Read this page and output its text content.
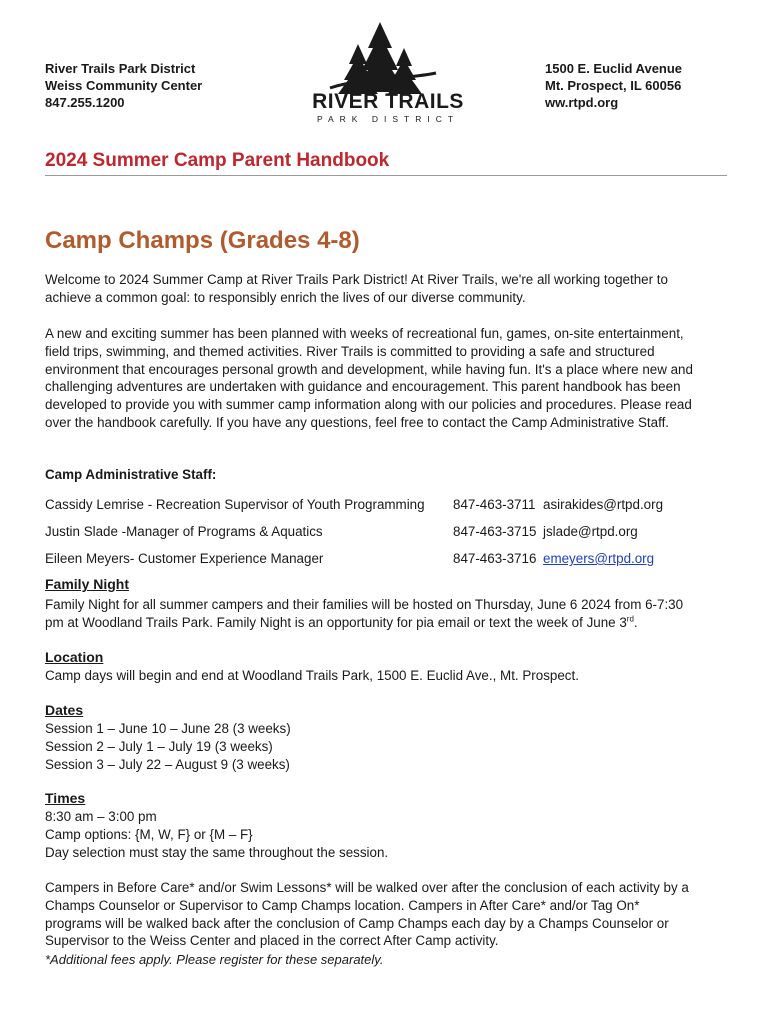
River Trails Park District
Weiss Community Center
847.255.1200	RIVER TRAILS
PARK DISTRICT
1500 E. Euclid Avenue
Mt. Prospect, IL 60056
ww.rtpd.org
2024 Summer Camp Parent Handbook
Camp Champs (Grades 4-8)
Welcome to 2024 Summer Camp at River Trails Park District! At River Trails, we're all working together to
achieve a common goal: to responsibly enrich the lives of our diverse community.
A new and exciting summer has been planned with weeks of recreational fun, games, on-site entertainment,
field trips, swimming, and themed activities. River Trails is committed to providing a safe and structured
environment that encourages personal growth and development, while having fun. It's a place where new and
challenging adventures are undertaken with guidance and encouragement. This parent handbook has been
developed to provide you with summer camp information along with our policies and procedures. Please read
over the handbook carefully. If you have any questions, feel free to contact the Camp Administrative Staff.
Camp Administrative Staff:
Cassidy Lemrise - Recreation Supervisor of Youth Programming 847-463-3711 asirakides@rtpd.org
Justin Slade -Manager of Programs & Aquatics	847-463-3715 jslade@rtpd.org
Eileen Meyers- Customer Experience Manager	847-463-3716 emeyers@rtpd.org
Family Night
Family Night for all summer campers and their families will be hosted on Thursday, June 6 2024 from 6-7:30
pm at Woodland Trails Park. Family Night is an opportunity for pia email or text the week of June 3rd.
Location
Camp days will begin and end at Woodland Trails Park, 1500 E. Euclid Ave., Mt. Prospect.
Dates
Session 1 – June 10 – June 28 (3 weeks)
Session 2 – July 1 – July 19 (3 weeks)
Session 3 – July 22 – August 9 (3 weeks)
Times
8:30 am – 3:00 pm
Camp options: {M, W, F} or {M – F}
Day selection must stay the same throughout the session.
Campers in Before Care* and/or Swim Lessons* will be walked over after the conclusion of each activity by a
Champs Counselor or Supervisor to Camp Champs location. Campers in After Care* and/or Tag On*
programs will be walked back after the conclusion of Camp Champs each day by a Champs Counselor or
Supervisor to the Weiss Center and placed in the correct After Camp activity.
*Additional fees apply. Please register for these separately.
